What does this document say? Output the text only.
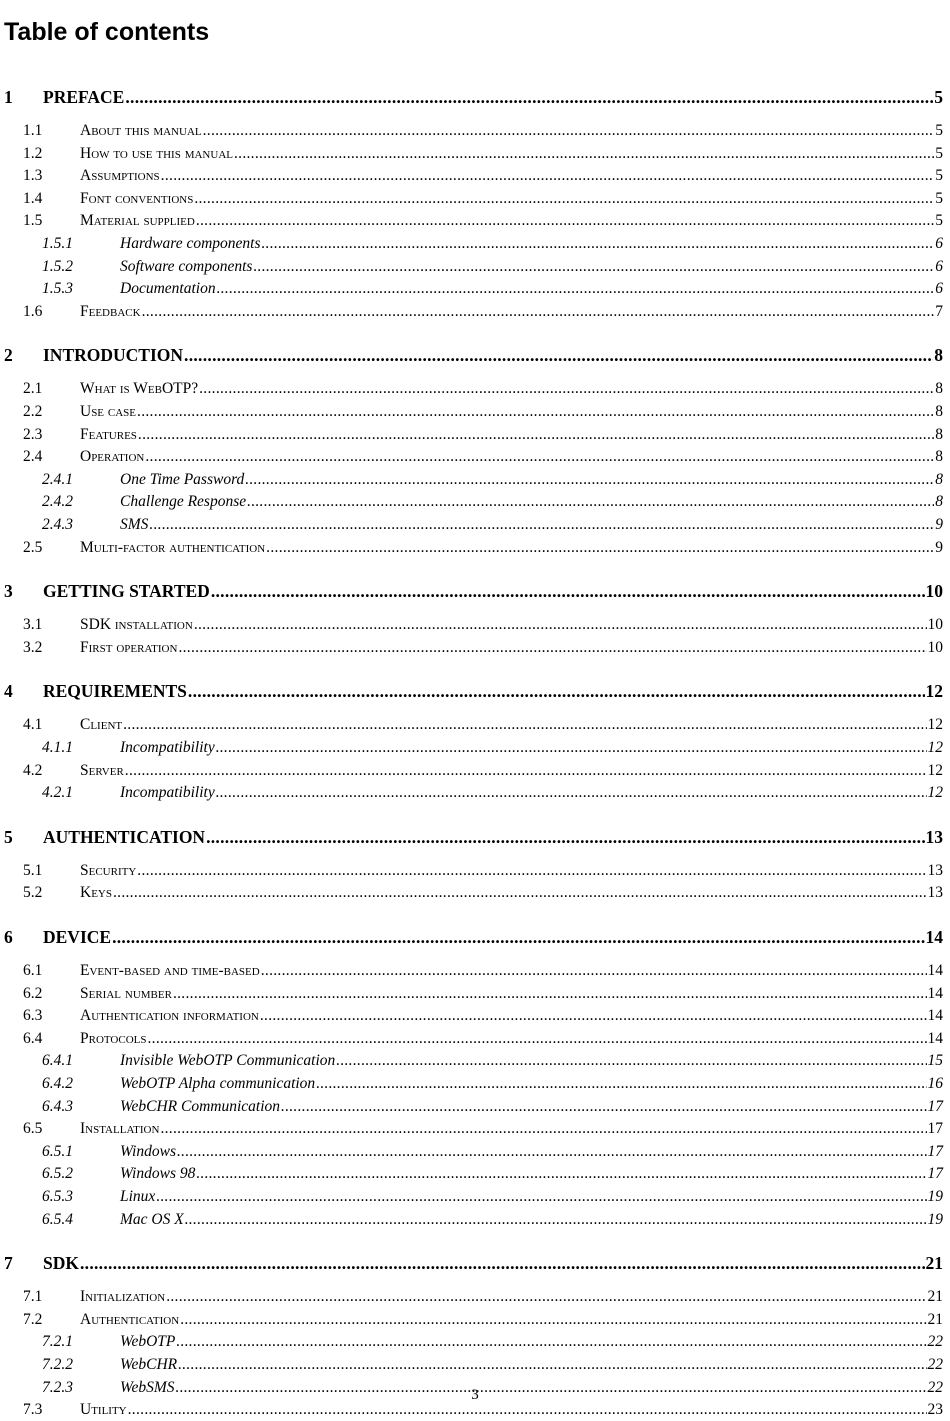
Table of contents
1	PREFACE .....	5
1.1	About this manual .....	5
1.2	How to use this manual .....	5
1.3	Assumptions .....	5
1.4	Font conventions .....	5
1.5	Material supplied .....	5
1.5.1	Hardware components .....	6
1.5.2	Software components .....	6
1.5.3	Documentation .....	6
1.6	Feedback .....	7
2	INTRODUCTION .....	8
2.1	What is WebOTP? .....	8
2.2	Use case .....	8
2.3	Features .....	8
2.4	Operation .....	8
2.4.1	One Time Password .....	8
2.4.2	Challenge Response .....	8
2.4.3	SMS .....	9
2.5	Multi-factor authentication .....	9
3	GETTING STARTED .....	10
3.1	SDK installation .....	10
3.2	First operation .....	10
4	REQUIREMENTS .....	12
4.1	Client .....	12
4.1.1	Incompatibility .....	12
4.2	Server .....	12
4.2.1	Incompatibility .....	12
5	AUTHENTICATION .....	13
5.1	Security .....	13
5.2	Keys .....	13
6	DEVICE .....	14
6.1	Event-based and time-based .....	14
6.2	Serial number .....	14
6.3	Authentication information .....	14
6.4	Protocols .....	14
6.4.1	Invisible WebOTP Communication .....	15
6.4.2	WebOTP Alpha communication .....	16
6.4.3	WebCHR Communication .....	17
6.5	Installation .....	17
6.5.1	Windows .....	17
6.5.2	Windows 98 .....	17
6.5.3	Linux .....	19
6.5.4	Mac OS X .....	19
7	SDK .....	21
7.1	Initialization .....	21
7.2	Authentication .....	21
7.2.1	WebOTP .....	22
7.2.2	WebCHR .....	22
7.2.3	WebSMS .....	22
7.3	Utility .....	23
3
